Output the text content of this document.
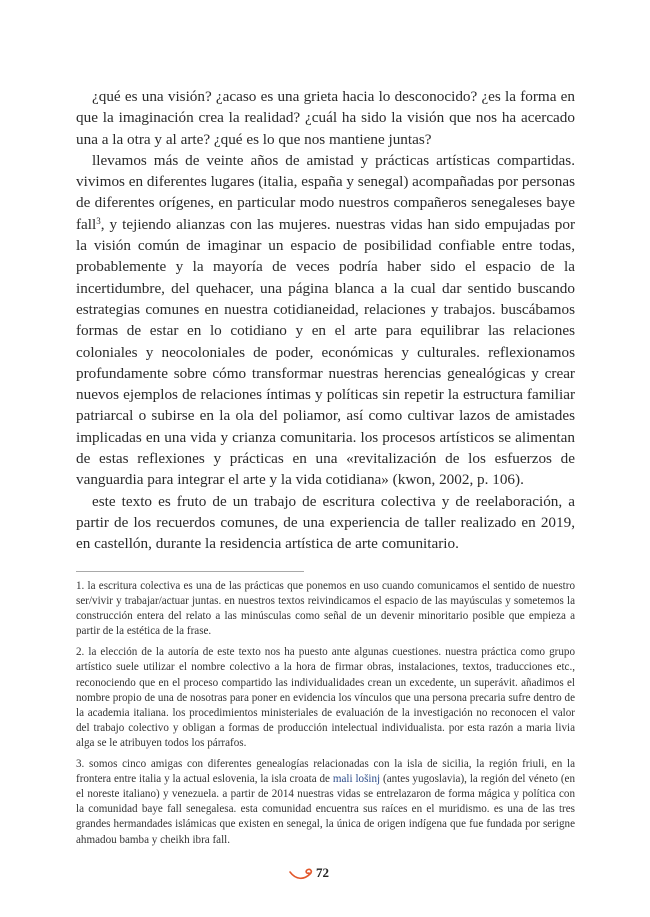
¿qué es una visión? ¿acaso es una grieta hacia lo desconocido? ¿es la forma en que la imaginación crea la realidad? ¿cuál ha sido la visión que nos ha acercado una a la otra y al arte? ¿qué es lo que nos mantiene juntas?

llevamos más de veinte años de amistad y prácticas artísticas compartidas. vivimos en diferentes lugares (italia, españa y senegal) acompañadas por personas de diferentes orígenes, en particular modo nuestros compañeros senegaleses baye fall$^3$, y tejiendo alianzas con las mujeres. nuestras vidas han sido empujadas por la visión común de imaginar un espacio de posibilidad confiable entre todas, probablemente y la mayoría de veces podría haber sido el espacio de la incertidumbre, del quehacer, una página blanca a la cual dar sentido buscando estrategias comunes en nuestra cotidianeidad, relaciones y trabajos. buscábamos formas de estar en lo cotidiano y en el arte para equilibrar las relaciones coloniales y neocoloniales de poder, económicas y culturales. reflexionamos profundamente sobre cómo transformar nuestras herencias genealógicas y crear nuevos ejemplos de relaciones íntimas y políticas sin repetir la estructura familiar patriarcal o subirse en la ola del poliamor, así como cultivar lazos de amistades implicadas en una vida y crianza comunitaria. los procesos artísticos se alimentan de estas reflexiones y prácticas en una «revitalización de los esfuerzos de vanguardia para integrar el arte y la vida cotidiana» (kwon, 2002, p. 106).

este texto es fruto de un trabajo de escritura colectiva y de reelaboración, a partir de los recuerdos comunes, de una experiencia de taller realizado en 2019, en castellón, durante la residencia artística de arte comunitario.

1. la escritura colectiva es una de las prácticas que ponemos en uso cuando comunicamos el sentido de nuestro ser/vivir y trabajar/actuar juntas. en nuestros textos reivindicamos el espacio de las mayúsculas y sometemos la construcción entera del relato a las minúsculas como señal de un devenir minoritario posible que empieza a partir de la estética de la frase.

2. la elección de la autoría de este texto nos ha puesto ante algunas cuestiones. nuestra práctica como grupo artístico suele utilizar el nombre colectivo a la hora de firmar obras, instalaciones, textos, traducciones etc., reconociendo que en el proceso compartido las individualidades crean un excedente, un superávit. añadimos el nombre propio de una de nosotras para poner en evidencia los vínculos que una persona precaria sufre dentro de la academia italiana. los procedimientos ministeriales de evaluación de la investigación no reconocen el valor del trabajo colectivo y obligan a formas de producción intelectual individualista. por esta razón a maria livia alga se le atribuyen todos los párrafos.

3. somos cinco amigas con diferentes genealogías relacionadas con la isla de sicilia, la región friuli, en la frontera entre italia y la actual eslovenia, la isla croata de mali lošinj (antes yugoslavia), la región del véneto (en el noreste italiano) y venezuela. a partir de 2014 nuestras vidas se entrelazaron de forma mágica y política con la comunidad baye fall senegalesa. esta comunidad encuentra sus raíces en el muridismo. es una de las tres grandes hermandades islámicas que existen en senegal, la única de origen indígena que fue fundada por serigne ahmadou bamba y cheikh ibra fall.

72
